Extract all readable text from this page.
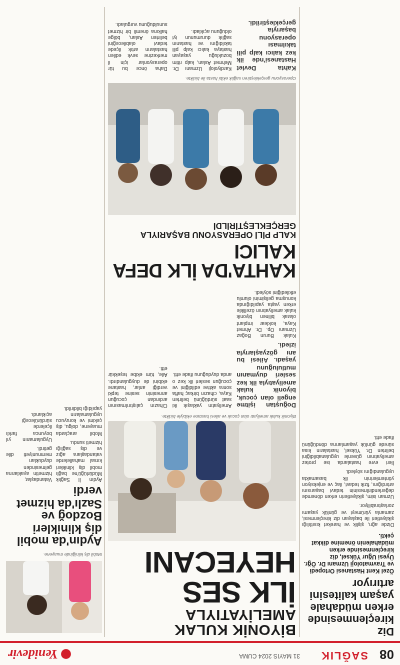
08
SAĞLIK
31 MAYIS 2024 CUMA
Yenidevir
Diz kireçlenmesinde erken müdahale yaşam kalitesini artırıyor
Özel Kent Hastanesi Ortopedi ve Travmatoloji Uzmanı Dr. Öğr. Üyesi Uğur Yüksel, diz kireçlenmesinde erken müdahalenin önemine dikkat çekti.

Dizde ağrı, şişlik ve hareket kısıtlılığı şikâyetleri ile başlayan diz kireçlenmesi, zamanla yürümeyi ve günlük yaşamı zorlaştırabiliyor.

Uzman isim, şikâyetlerin erken dönemde değerlendirilmesinin tedavi başarısını artırdığını, fizik tedavi, ilaç ve enjeksiyon yöntemlerinin ilk basamakta uygulandığını söyledi.

İleri evre hastalarda ise protez ameliyatının güvenle uygulanabildiğini belirten Dr. Yüksel, hastaların kısa sürede günlük yaşamlarına döndüğünü ifade etti.

BİYONİK KULAK AMELİYATIYLA
İLK SES HEYECANI
Biyonik kulak ameliyatı olan çocuk ve ailesi hastane ekibiyle birlikte.
Doğuştan işitme engeli olan çocuk, biyonik kulak ameliyatıyla ilk kez sesleri duymanın mutluluğunu yaşadı. Ailesi bu anı gözyaşlarıyla izledi.

Kulak Burun Boğaz Uzmanı Op. Dr. Ahmet Kaya, koklear implant olarak bilinen biyonik kulak ameliyatının özellikle erken yaşta yapıldığında konuşma gelişimini olumlu etkilediğini söyledi.

Ameliyatın yaklaşık iki saat sürdüğünü belirten Kaya, cihazın birkaç hafta sonra aktive edildiğini ve çocuğun sesleri ilk kez o anda duyduğunu ifade etti.

Cihazın çalıştırılmasının ardından çocuğun annesinin sesine tepki verdiği anlar, hastane ekibini de duygulandırdı. Aile, tüm ekibe teşekkür etti.

KAHTA'DA İLK DEFA KALICI
KALP PİLİ OPERASYONU BAŞARIYLA GERÇEKLEŞTİRİLDİ
Operasyonu gerçekleştiren sağlık ekibi hasta ile birlikte.
Kahta Devlet Hastanesi'nde ilk kez kalıcı kalp pili takılması operasyonu başarıyla gerçekleştirildi.

Kardiyoloji Uzmanı Dr. Mehmet Aslan, kalp ritim bozukluğu yaşayan hastaya kalıcı kalp pili takıldığını ve hastanın sağlık durumunun iyi olduğunu açıkladı.

Daha önce bu tür operasyonlar için il merkezine sevk edilen hastaların artık ilçede tedavi olabileceğini belirten Aslan, bölge halkına önemli bir hizmet sunulduğunu vurguladı.

Mobil diş kliniğinde muayene.
Aydın'da mobil diş klinikleri Bozdoğ ve Sazlı'da hizmet verdi

Aydın İl Sağlık Müdürlüğü'ne bağlı mobil diş klinikleri kırsal mahallelerde vatandaşlara ağız ve diş sağlığı hizmeti sundu.

Mobil araçlarda muayene, dolgu, diş çekimi ve koruyucu uygulamaların yapıldığı bildirildi.

Vatandaşlar, hizmetin ayaklarına gelmesinden duydukları memnuniyeti dile getirdi.

Uygulamanın yıl boyunca farklı ilçelerde sürdürüleceği açıklandı.
